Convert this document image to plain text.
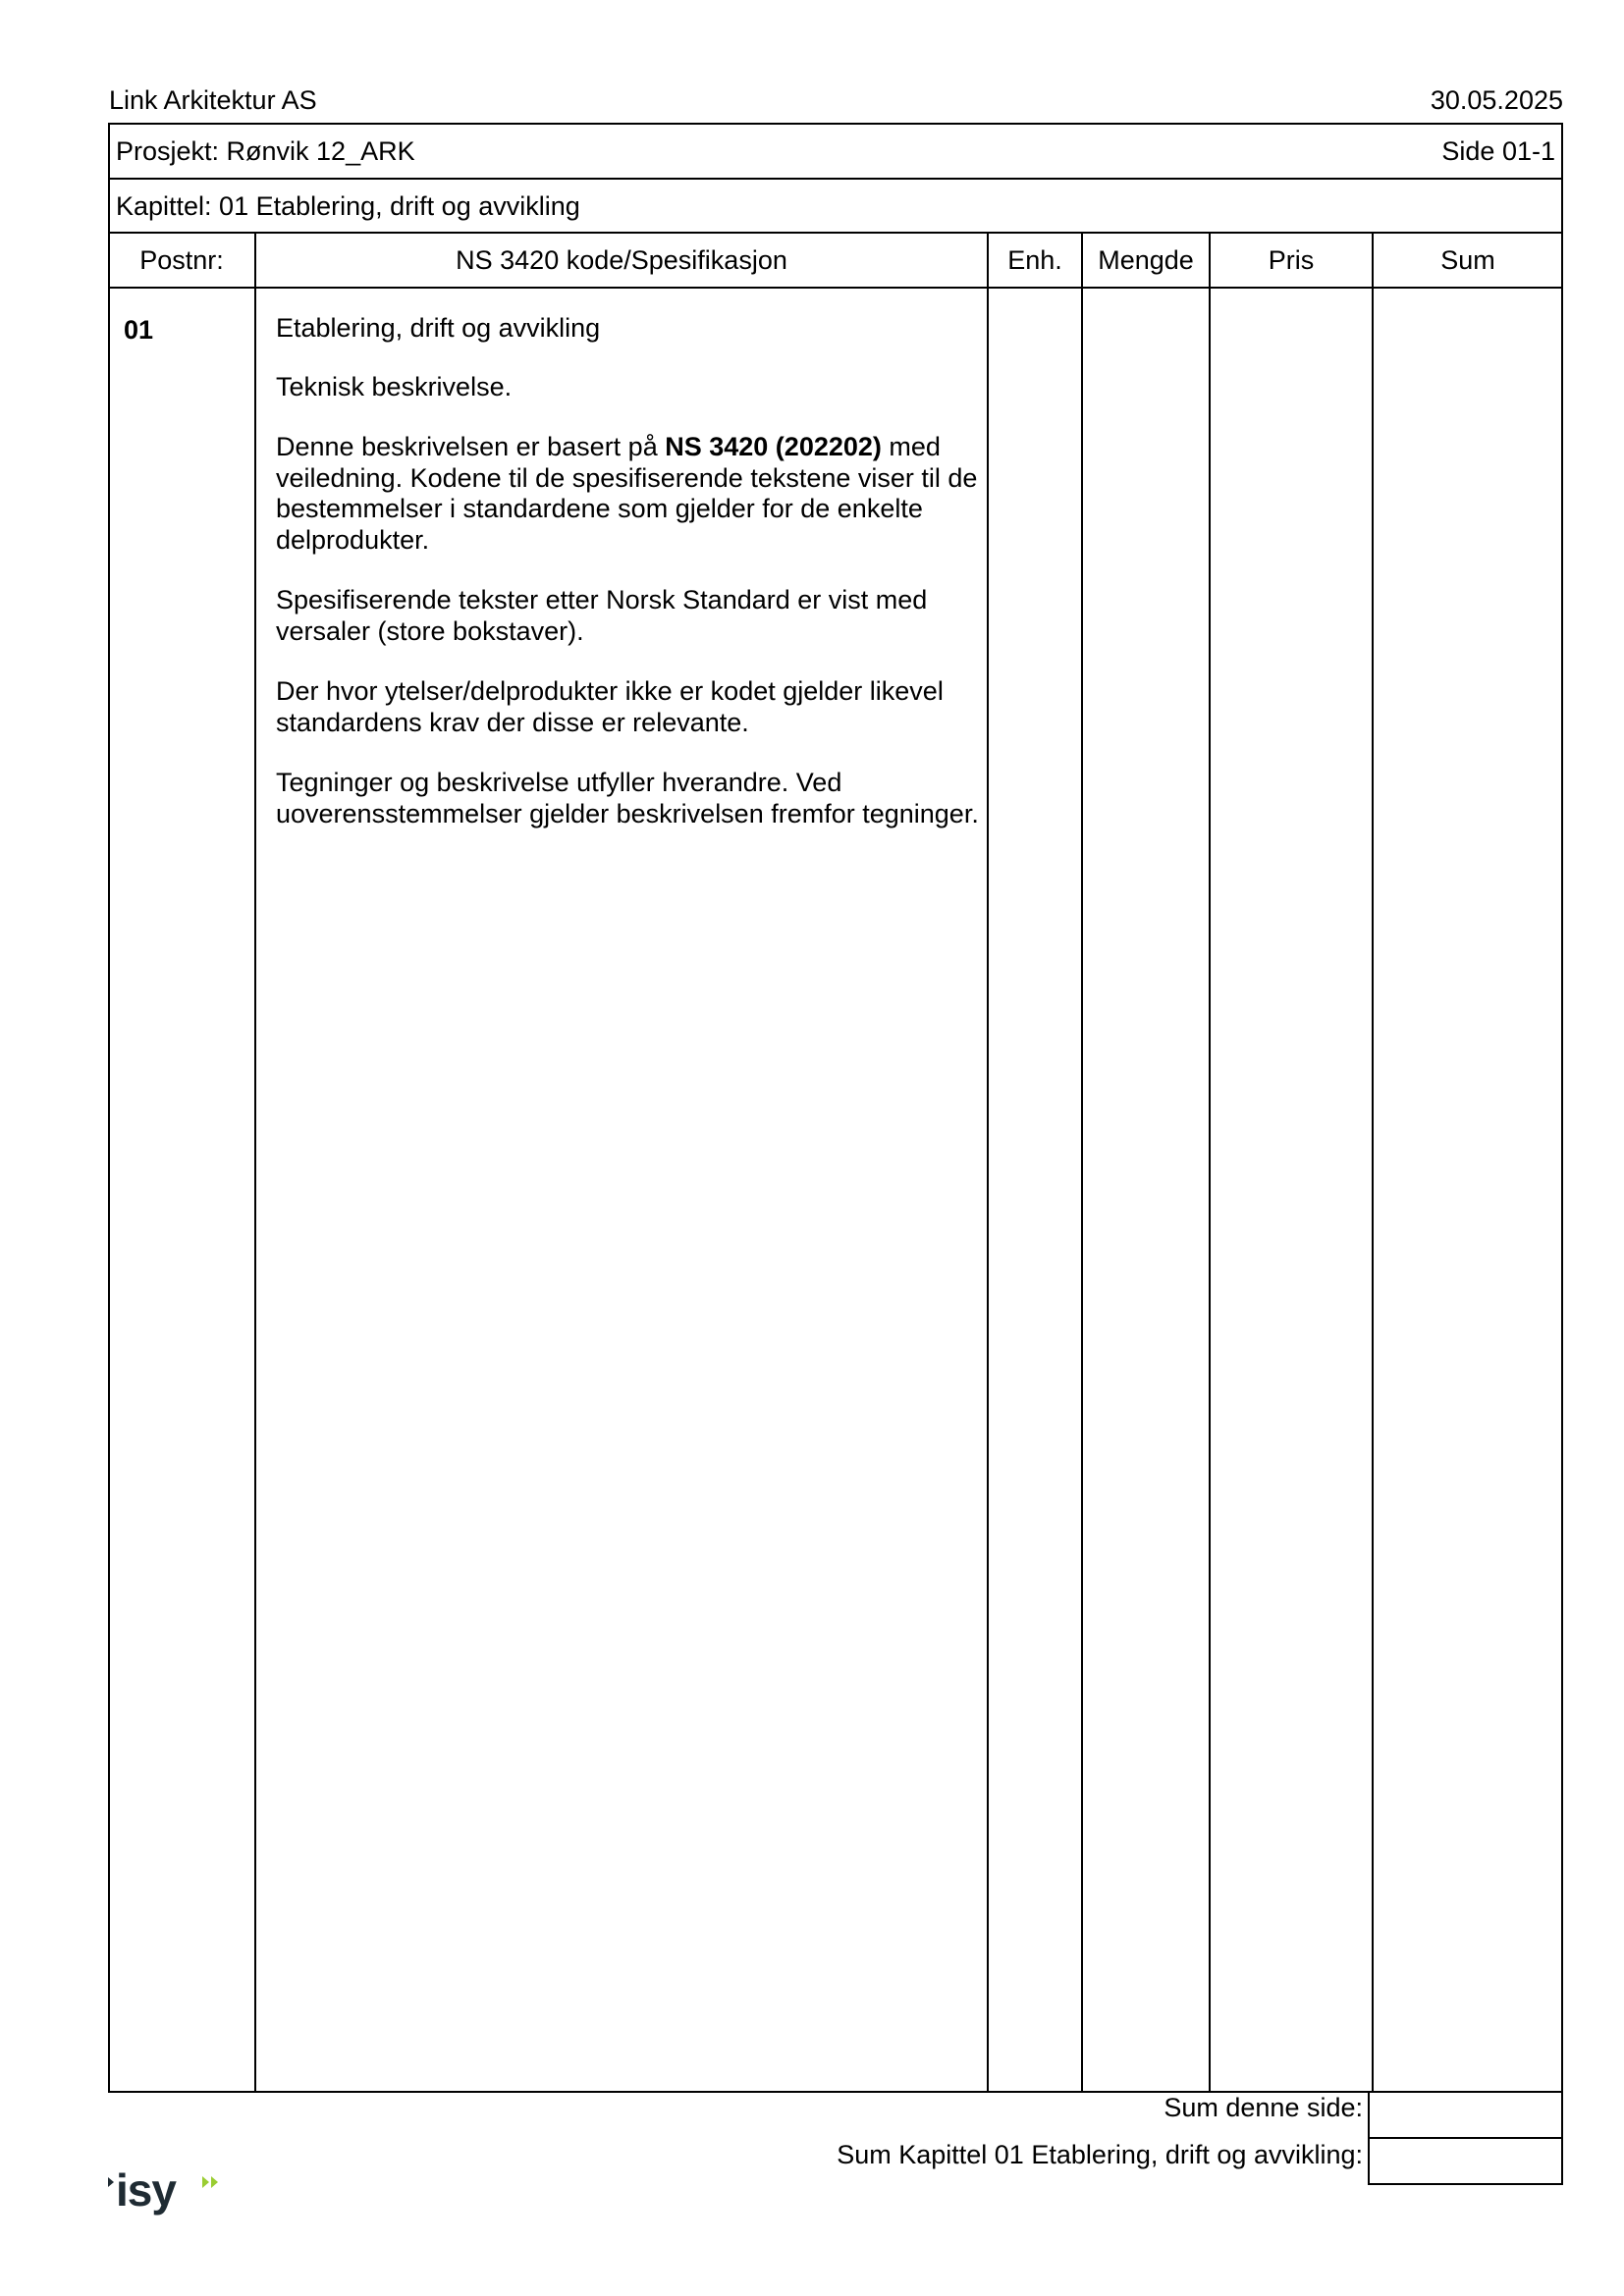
Link Arkitektur AS	30.05.2025
Prosjekt: Rønvik 12_ARK	Side 01-1
Kapittel: 01 Etablering, drift og avvikling
Postnr:	NS 3420 kode/Spesifikasjon	Enh.	Mengde	Pris	Sum
01	Etablering, drift og avvikling

Teknisk beskrivelse.

Denne beskrivelsen er basert på NS 3420 (202202) med veiledning. Kodene til de spesifiserende tekstene viser til de bestemmelser i standardene som gjelder for de enkelte delprodukter.

Spesifiserende tekster etter Norsk Standard er vist med versaler (store bokstaver).

Der hvor ytelser/delprodukter ikke er kodet gjelder likevel standardens krav der disse er relevante.

Tegninger og beskrivelse utfyller hverandre. Ved uoverensstemmelser gjelder beskrivelsen fremfor tegninger.

Sum denne side:
Sum Kapittel 01 Etablering, drift og avvikling:
isy
